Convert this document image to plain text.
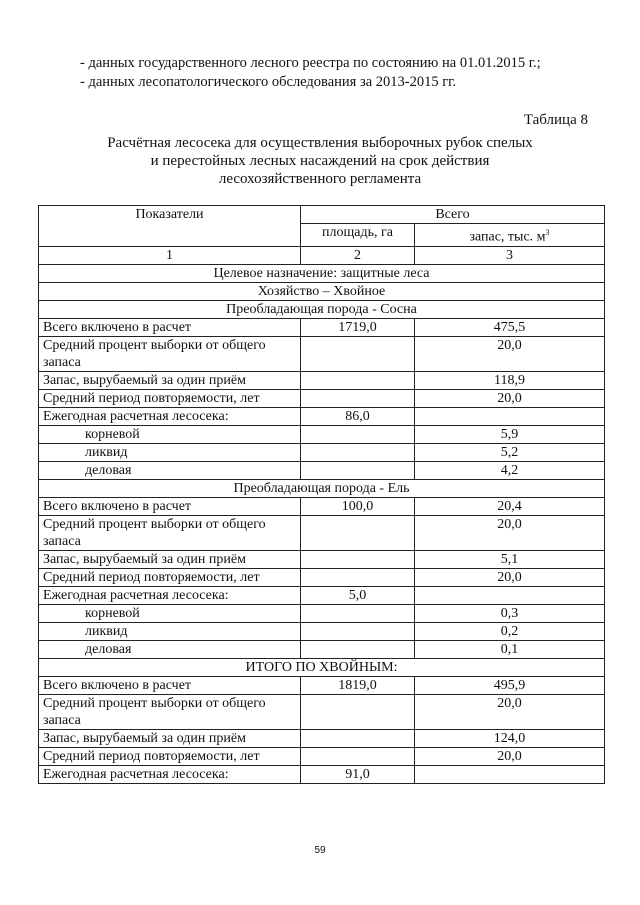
- данных государственного лесного реестра по состоянию на 01.01.2015 г.;
- данных лесопатологического обследования за 2013-2015 гг.
Таблица 8
Расчётная лесосека для осуществления выборочных рубок спелых
и перестойных лесных насаждений на срок действия
лесохозяйственного регламента
Показатели	Всего	
	площадь, га	запас, тыс. $м^3$
1	2	3
Целевое назначение: защитные леса		
Хозяйство – Хвойное		
Преобладающая порода - Сосна		
Всего включено в расчет	1719,0	475,5
Средний процент выборки от общего запаса		20,0
Запас, вырубаемый за один приём		118,9
Средний период повторяемости, лет		20,0
Ежегодная расчетная лесосека:	86,0	
корневой		5,9
ликвид		5,2
деловая		4,2
Преобладающая порода - Ель		
Всего включено в расчет	100,0	20,4
Средний процент выборки от общего запаса		20,0
Запас, вырубаемый за один приём		5,1
Средний период повторяемости, лет		20,0
Ежегодная расчетная лесосека:	5,0	
корневой		0,3
ликвид		0,2
деловая		0,1
ИТОГО ПО ХВОЙНЫМ:		
Всего включено в расчет	1819,0	495,9
Средний процент выборки от общего запаса		20,0
Запас, вырубаемый за один приём		124,0
Средний период повторяемости, лет		20,0
Ежегодная расчетная лесосека:	91,0	
59
